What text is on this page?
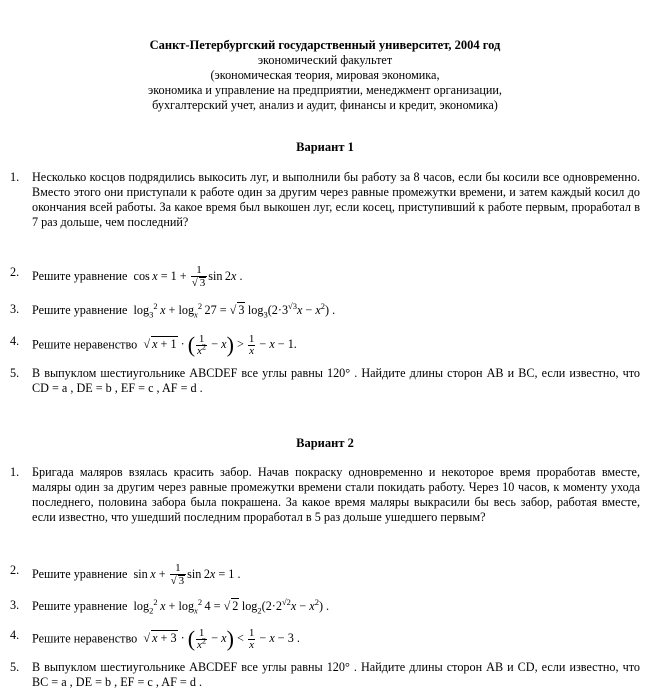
Санкт-Петербургский государственный университет, 2004 год
экономический факультет
(экономическая теория, мировая экономика,
экономика и управление на предприятии, менеджмент организации,
бухгалтерский учет, анализ и аудит, финансы и кредит, экономика)
Вариант 1
1.	Несколько косцов подрядились выкосить луг, и выполнили бы работу за 8 часов, если бы косили все одновременно. Вместо этого они приступали к работе один за другим через равные промежутки времени, и затем каждый косил до окончания всей работы. За какое время был выкошен луг, если косец, приступивший к работе первым, проработал в 7 раз дольше, чем последний?
2.	Решите уравнение $\cos x = 1 + \frac{1}{√ 3}$ sin 2x .
3.	Решите уравнение $\log_3^2 x + \log_x^2 27$ = √ 3 $\log_3(2\cdot 3^{√3}x - x^2)$ .
4.	Решите неравенство √ x + 1 · ( $\frac{1}{x^2} - x) > \frac{1}{x} - x - 1$.
5.	В выпуклом шестиугольнике ABCDEF все углы равны 120° . Найдите длины сторон AB и BC, если известно, что CD = a , DE = b , EF = c , AF = d .
Вариант 2
1.	Бригада маляров взялась красить забор. Начав покраску одновременно и некоторое время проработав вместе, маляры один за другим через равные промежутки времени стали покидать работу. Через 10 часов, к моменту ухода последнего, половина забора была покрашена. За какое время маляры выкрасили бы весь забор, работая вместе, если известно, что ушедший последним проработал в 5 раз дольше ушедшего первым?
2.	Решите уравнение $\sin x + \frac{1}{√ 3}$ sin 2x = 1 .
3.	Решите уравнение $\log_2^2 x + \log_x^2 4$ = √ 2 $\log_2(2\cdot 2^{√2}x - x^2)$ .
4.	Решите неравенство √ x + 3 · ( $\frac{1}{x^2} - x) < \frac{1}{x} - x - 3$ .
5.	В выпуклом шестиугольнике ABCDEF все углы равны 120° . Найдите длины сторон AB и CD, если известно, что BC = a , DE = b , EF = c , AF = d .
